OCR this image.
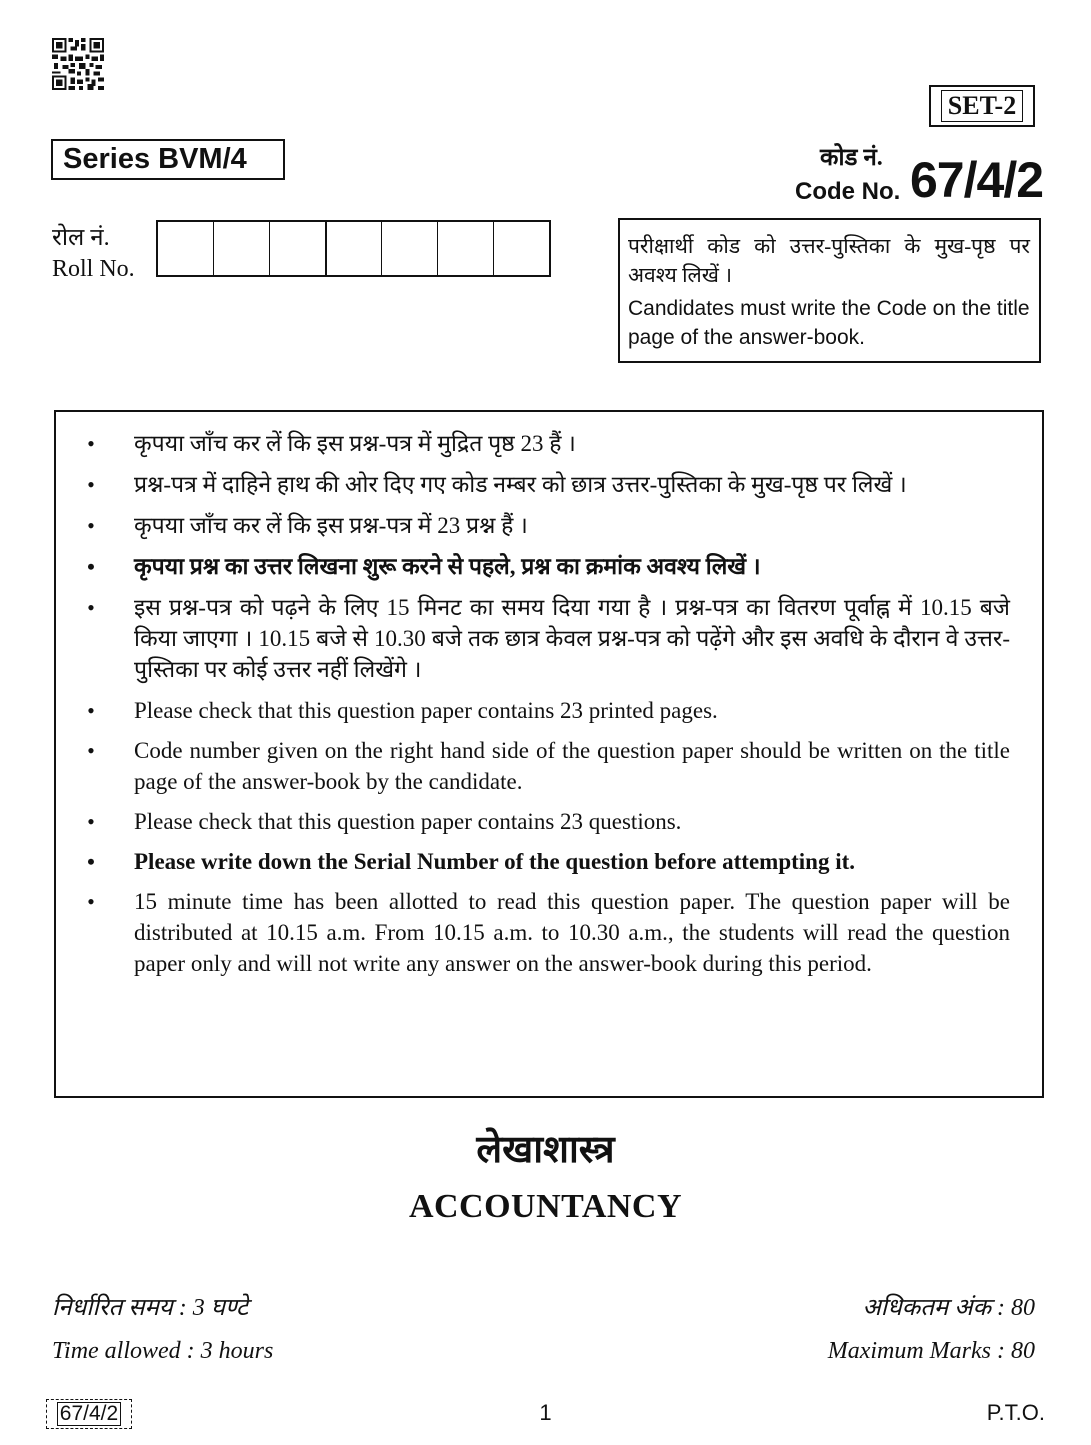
SET-2
Series BVM/4	कोड नं.
Code No. 67/4/2
रोल नं.
Roll No.
परीक्षार्थी कोड को उत्तर-पुस्तिका के मुख-पृष्ठ पर अवश्य लिखें ।
Candidates must write the Code on the title page of the answer-book.
• कृपया जाँच कर लें कि इस प्रश्न-पत्र में मुद्रित पृष्ठ 23 हैं ।
• प्रश्न-पत्र में दाहिने हाथ की ओर दिए गए कोड नम्बर को छात्र उत्तर-पुस्तिका के मुख-पृष्ठ पर लिखें ।
• कृपया जाँच कर लें कि इस प्रश्न-पत्र में 23 प्रश्न हैं ।
• कृपया प्रश्न का उत्तर लिखना शुरू करने से पहले, प्रश्न का क्रमांक अवश्य लिखें ।
• इस प्रश्न-पत्र को पढ़ने के लिए 15 मिनट का समय दिया गया है । प्रश्न-पत्र का वितरण पूर्वाह्न में 10.15 बजे किया जाएगा । 10.15 बजे से 10.30 बजे तक छात्र केवल प्रश्न-पत्र को पढ़ेंगे और इस अवधि के दौरान वे उत्तर-पुस्तिका पर कोई उत्तर नहीं लिखेंगे ।
• Please check that this question paper contains 23 printed pages.
• Code number given on the right hand side of the question paper should be written on the title page of the answer-book by the candidate.
• Please check that this question paper contains 23 questions.
• Please write down the Serial Number of the question before attempting it.
• 15 minute time has been allotted to read this question paper. The question paper will be distributed at 10.15 a.m. From 10.15 a.m. to 10.30 a.m., the students will read the question paper only and will not write any answer on the answer-book during this period.
लेखाशास्त्र
ACCOUNTANCY
निर्धारित समय : 3 घण्टे
Time allowed : 3 hours
अधिकतम अंक : 80
Maximum Marks : 80
67/4/2	1	P.T.O.
